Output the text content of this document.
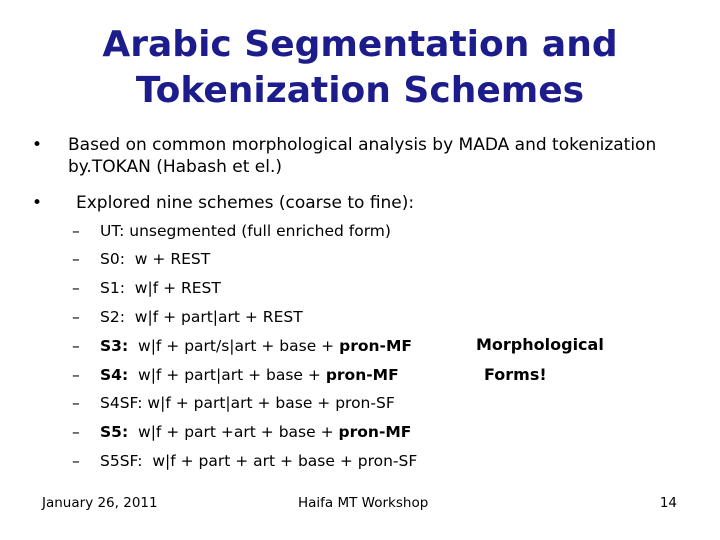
Arabic Segmentation and
Tokenization Schemes
• Based on common morphological analysis by MADA and tokenization
by.TOKAN (Habash et el.)
• Explored nine schemes (coarse to fine):
– UT: unsegmented (full enriched form)
– S0: w + REST
– S1: w|f + REST
– S2: w|f + part|art + REST
– S3: w|f + part/s|art + base + pron-MF
– S4: w|f + part|art + base + pron-MF
– S4SF: w|f + part|art + base + pron-SF
– S5: w|f + part +art + base + pron-MF
– S5SF: w|f + part + art + base + pron-SF
Morphological
Forms!
January 26, 2011	Haifa MT Workshop	14
